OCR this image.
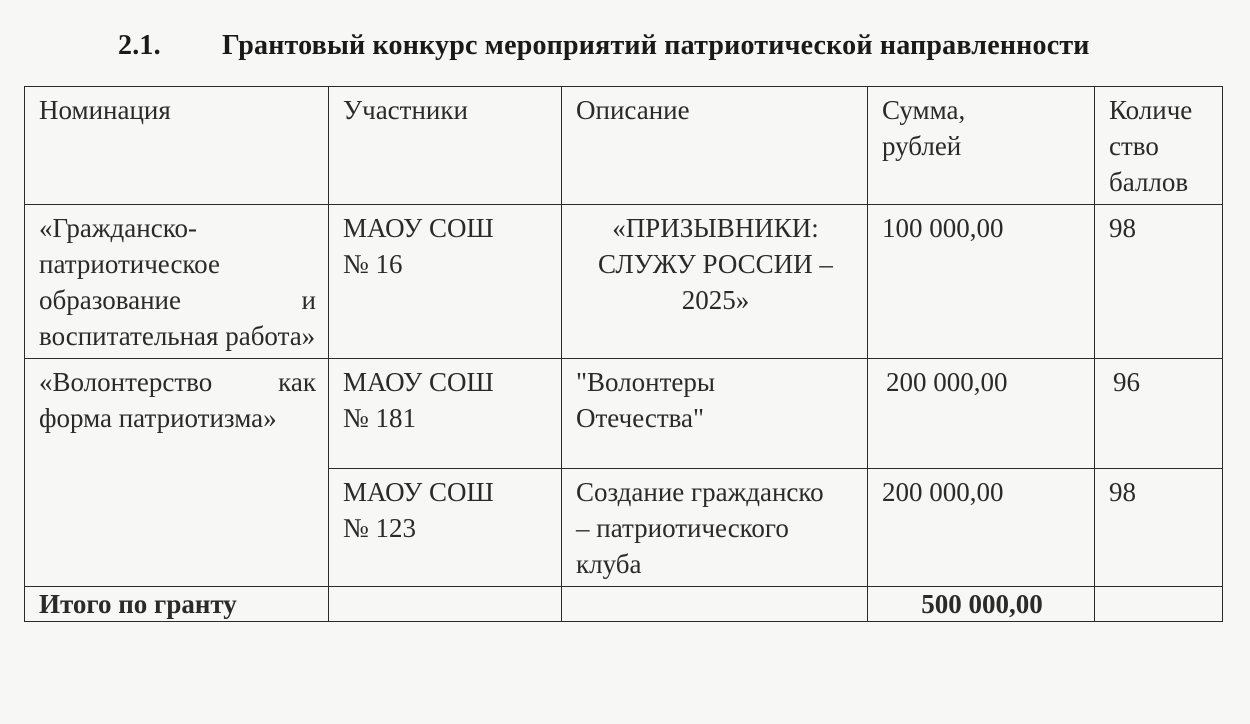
2.1. Грантовый конкурс мероприятий патриотической направленности
Номинация	Участники	Описание	Сумма, рублей	Количе ство баллов
«Гражданско-патриотическое образование и воспитательная работа»	МАОУ СОШ № 16	«ПРИЗЫВНИКИ: СЛУЖУ РОССИИ – 2025»	100 000,00	98
«Волонтерство как форма патриотизма»	МАОУ СОШ № 181	"Волонтеры Отечества"	200 000,00	96
	МАОУ СОШ № 123	Создание гражданско – патриотического клуба	200 000,00	98
Итого по гранту			500 000,00	
